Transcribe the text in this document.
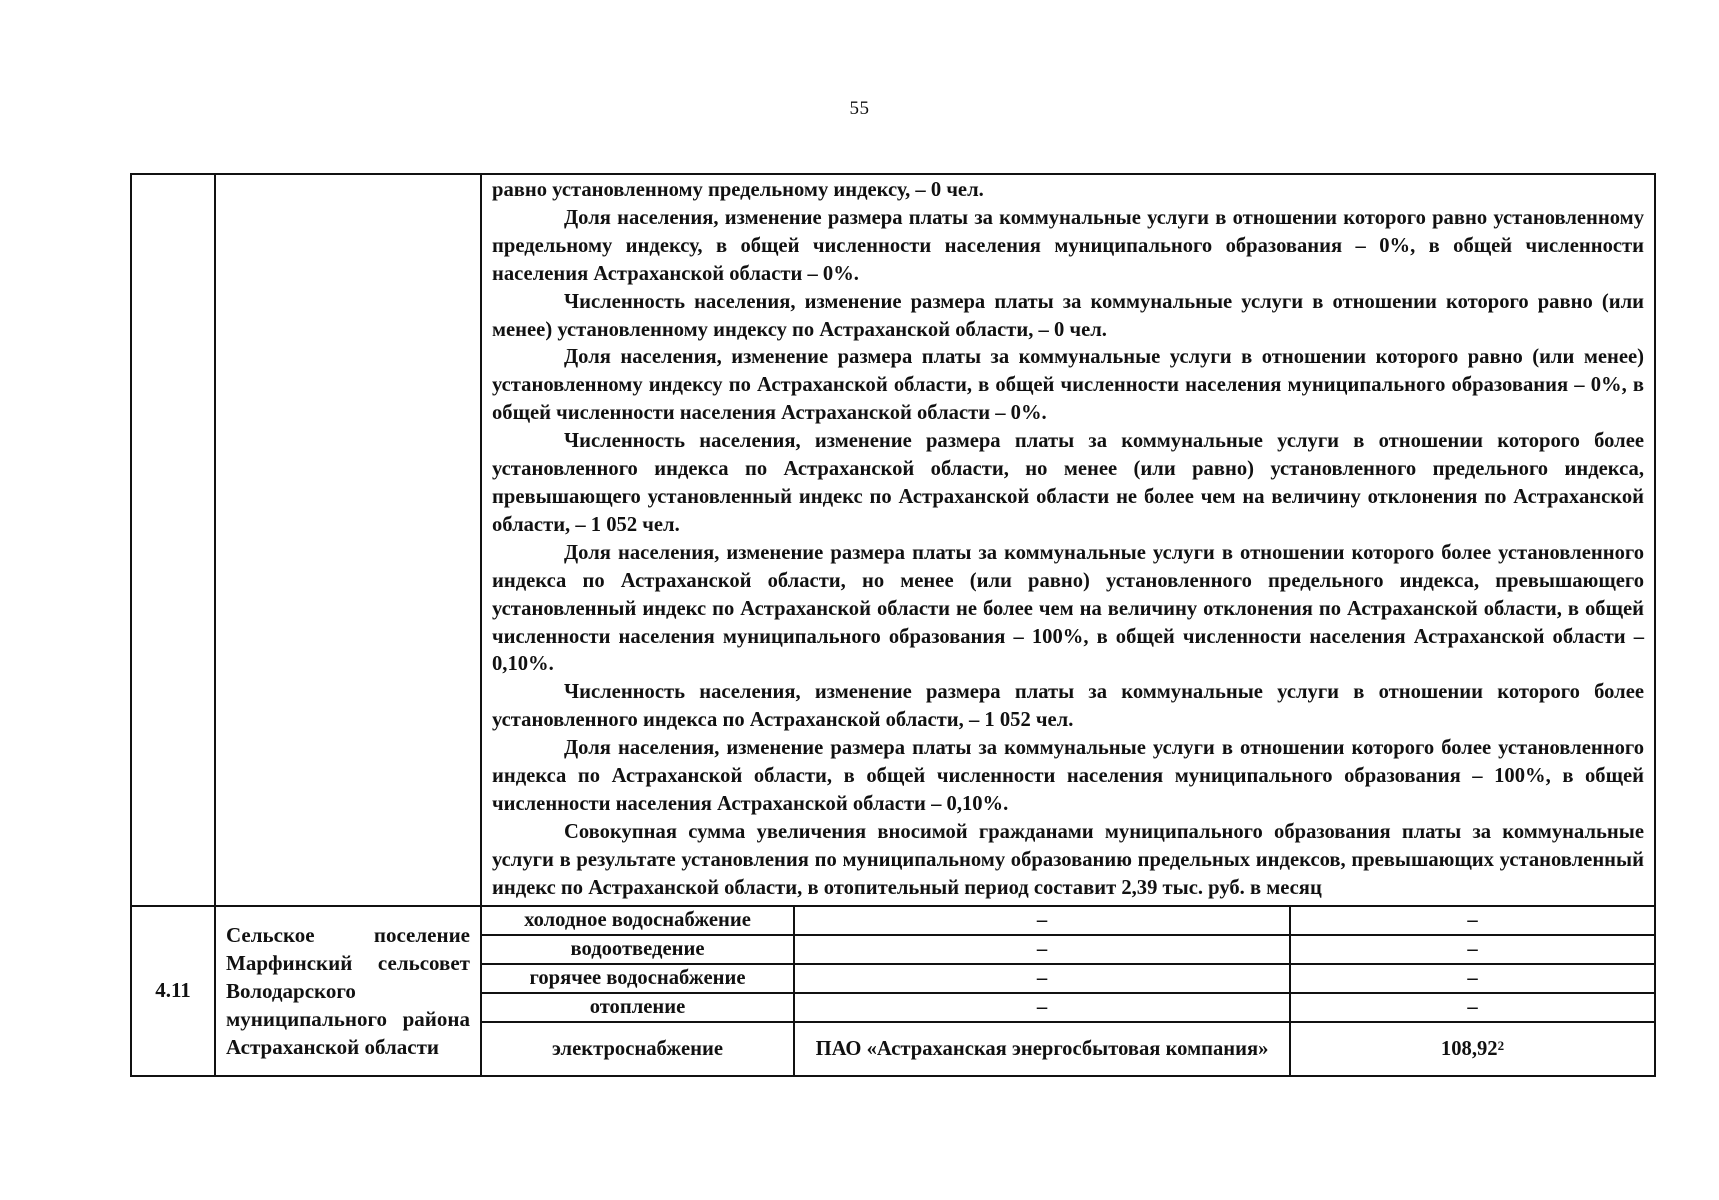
55

равно установленному предельному индексу, – 0 чел.

Доля населения, изменение размера платы за коммунальные услуги в отношении которого равно установленному предельному индексу, в общей численности населения муниципального образования – 0%, в общей численности населения Астраханской области – 0%.

Численность населения, изменение размера платы за коммунальные услуги в отношении которого равно (или менее) установленному индексу по Астраханской области, – 0 чел.

Доля населения, изменение размера платы за коммунальные услуги в отношении которого равно (или менее) установленному индексу по Астраханской области, в общей численности населения муниципального образования – 0%, в общей численности населения Астраханской области – 0%.

Численность населения, изменение размера платы за коммунальные услуги в отношении которого более установленного индекса по Астраханской области, но менее (или равно) установленного предельного индекса, превышающего установленный индекс по Астраханской области не более чем на величину отклонения по Астраханской области, – 1 052 чел.

Доля населения, изменение размера платы за коммунальные услуги в отношении которого более установленного индекса по Астраханской области, но менее (или равно) установленного предельного индекса, превышающего установленный индекс по Астраханской области не более чем на величину отклонения по Астраханской области, в общей численности населения муниципального образования – 100%, в общей численности населения Астраханской области – 0,10%.

Численность населения, изменение размера платы за коммунальные услуги в отношении которого более установленного индекса по Астраханской области, – 1 052 чел.

Доля населения, изменение размера платы за коммунальные услуги в отношении которого более установленного индекса по Астраханской области, в общей численности населения муниципального образования – 100%, в общей численности населения Астраханской области – 0,10%.

Совокупная сумма увеличения вносимой гражданами муниципального образования платы за коммунальные услуги в результате установления по муниципальному образованию предельных индексов, превышающих установленный индекс по Астраханской области, в отопительный период составит 2,39 тыс. руб. в месяц

4.11	Сельское поселение Марфинский сельсовет Володарского муниципального района Астраханской области	
холодное водоснабжение	–	–
водоотведение	–	–
горячее водоснабжение	–	–
отопление	–	–
электроснабжение	ПАО «Астраханская энергосбытовая компания»	108,92$^2$
